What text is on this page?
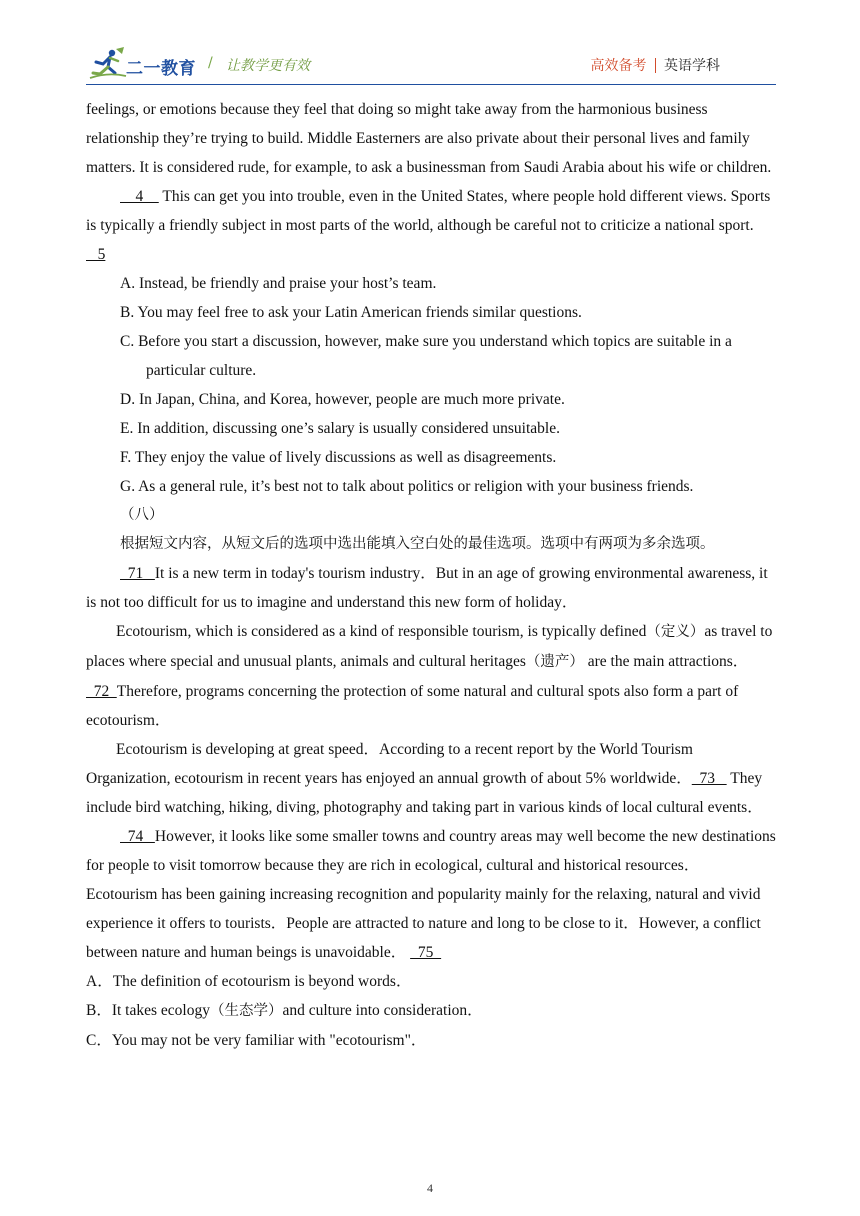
二一教育 / 让教学更有效	高效备考 英语学科

feelings, or emotions because they feel that doing so might take away from the harmonious business relationship they’re trying to build. Middle Easterners are also private about their personal lives and family matters. It is considered rude, for example, to ask a businessman from Saudi Arabia about his wife or children.

4     This can get you into trouble, even in the United States, where people hold different views. Sports is typically a friendly subject in most parts of the world, although be careful not to criticize a national sport.    5

A. Instead, be friendly and praise your host’s team.

B. You may feel free to ask your Latin American friends similar questions.

C. Before you start a discussion, however, make sure you understand which topics are suitable in a particular culture.

D. In Japan, China, and Korea, however, people are much more private.

E. In addition, discussing one’s salary is usually considered unsuitable.

F. They enjoy the value of lively discussions as well as disagreements.

G. As a general rule, it’s best not to talk about politics or religion with your business friends.

（八）

根据短文内容，从短文后的选项中选出能填入空白处的最佳选项。选项中有两项为多余选项。

71   It is a new term in today's tourism industry．But in an age of growing environmental awareness, it is not too difficult for us to imagine and understand this new form of holiday．

Ecotourism, which is considered as a kind of responsible tourism, is typically defined（定义）as travel to places where special and unusual plants, animals and cultural heritages（遗产） are the main attractions．  72  Therefore, programs concerning the protection of some natural and cultural spots also form a part of ecotourism．

Ecotourism is developing at great speed．According to a recent report by the World Tourism Organization, ecotourism in recent years has enjoyed an annual growth of about 5% worldwide．  73    They include bird watching, hiking, diving, photography and taking part in various kinds of local cultural events．

74   However, it looks like some smaller towns and country areas may well become the new destinations for people to visit tomorrow because they are rich in ecological, cultural and historical resources．

Ecotourism has been gaining increasing recognition and popularity mainly for the relaxing, natural and vivid experience it offers to tourists．People are attracted to nature and long to be close to it．However, a conflict between nature and human beings is unavoidable．   75

A．The definition of ecotourism is beyond words．

B．It takes ecology（生态学）and culture into consideration．

C．You may not be very familiar with "ecotourism"．

4
